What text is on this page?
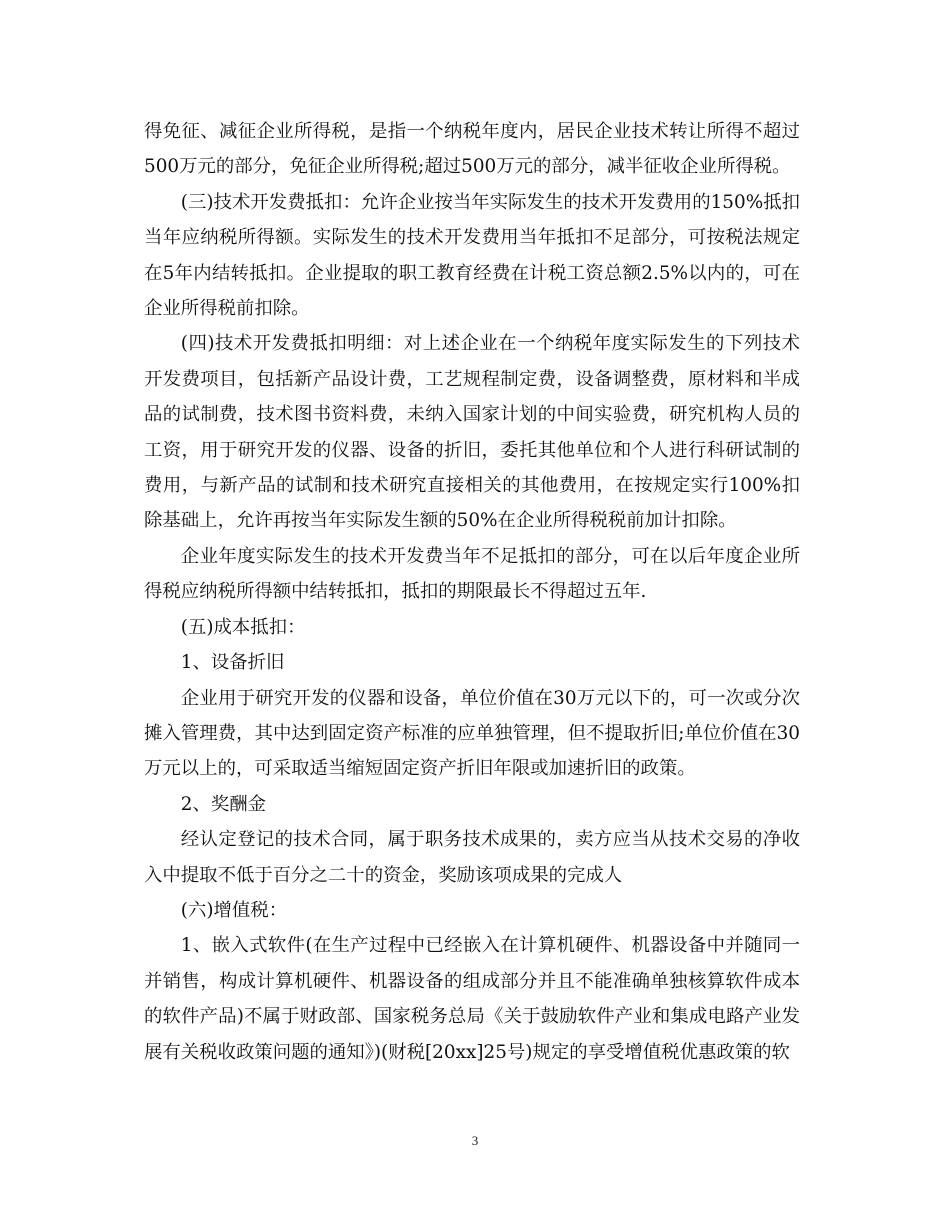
得免征、减征企业所得税，是指一个纳税年度内，居民企业技术转让所得不超过500万元的部分，免征企业所得税;超过500万元的部分，减半征收企业所得税。

(三)技术开发费抵扣：允许企业按当年实际发生的技术开发费用的150%抵扣当年应纳税所得额。实际发生的技术开发费用当年抵扣不足部分，可按税法规定在5年内结转抵扣。企业提取的职工教育经费在计税工资总额2.5%以内的，可在企业所得税前扣除。

(四)技术开发费抵扣明细：对上述企业在一个纳税年度实际发生的下列技术开发费项目，包括新产品设计费，工艺规程制定费，设备调整费，原材料和半成品的试制费，技术图书资料费，未纳入国家计划的中间实验费，研究机构人员的工资，用于研究开发的仪器、设备的折旧，委托其他单位和个人进行科研试制的费用，与新产品的试制和技术研究直接相关的其他费用，在按规定实行100%扣除基础上，允许再按当年实际发生额的50%在企业所得税税前加计扣除。

企业年度实际发生的技术开发费当年不足抵扣的部分，可在以后年度企业所得税应纳税所得额中结转抵扣，抵扣的期限最长不得超过五年.

(五)成本抵扣：

1、设备折旧

企业用于研究开发的仪器和设备，单位价值在30万元以下的，可一次或分次摊入管理费，其中达到固定资产标准的应单独管理，但不提取折旧;单位价值在30万元以上的，可采取适当缩短固定资产折旧年限或加速折旧的政策。

2、奖酬金

经认定登记的技术合同，属于职务技术成果的，卖方应当从技术交易的净收入中提取不低于百分之二十的资金，奖励该项成果的完成人

(六)增值税：

1、嵌入式软件(在生产过程中已经嵌入在计算机硬件、机器设备中并随同一并销售，构成计算机硬件、机器设备的组成部分并且不能准确单独核算软件成本的软件产品)不属于财政部、国家税务总局《关于鼓励软件产业和集成电路产业发展有关税收政策问题的通知》)(财税[20xx]25号)规定的享受增值税优惠政策的软

3
